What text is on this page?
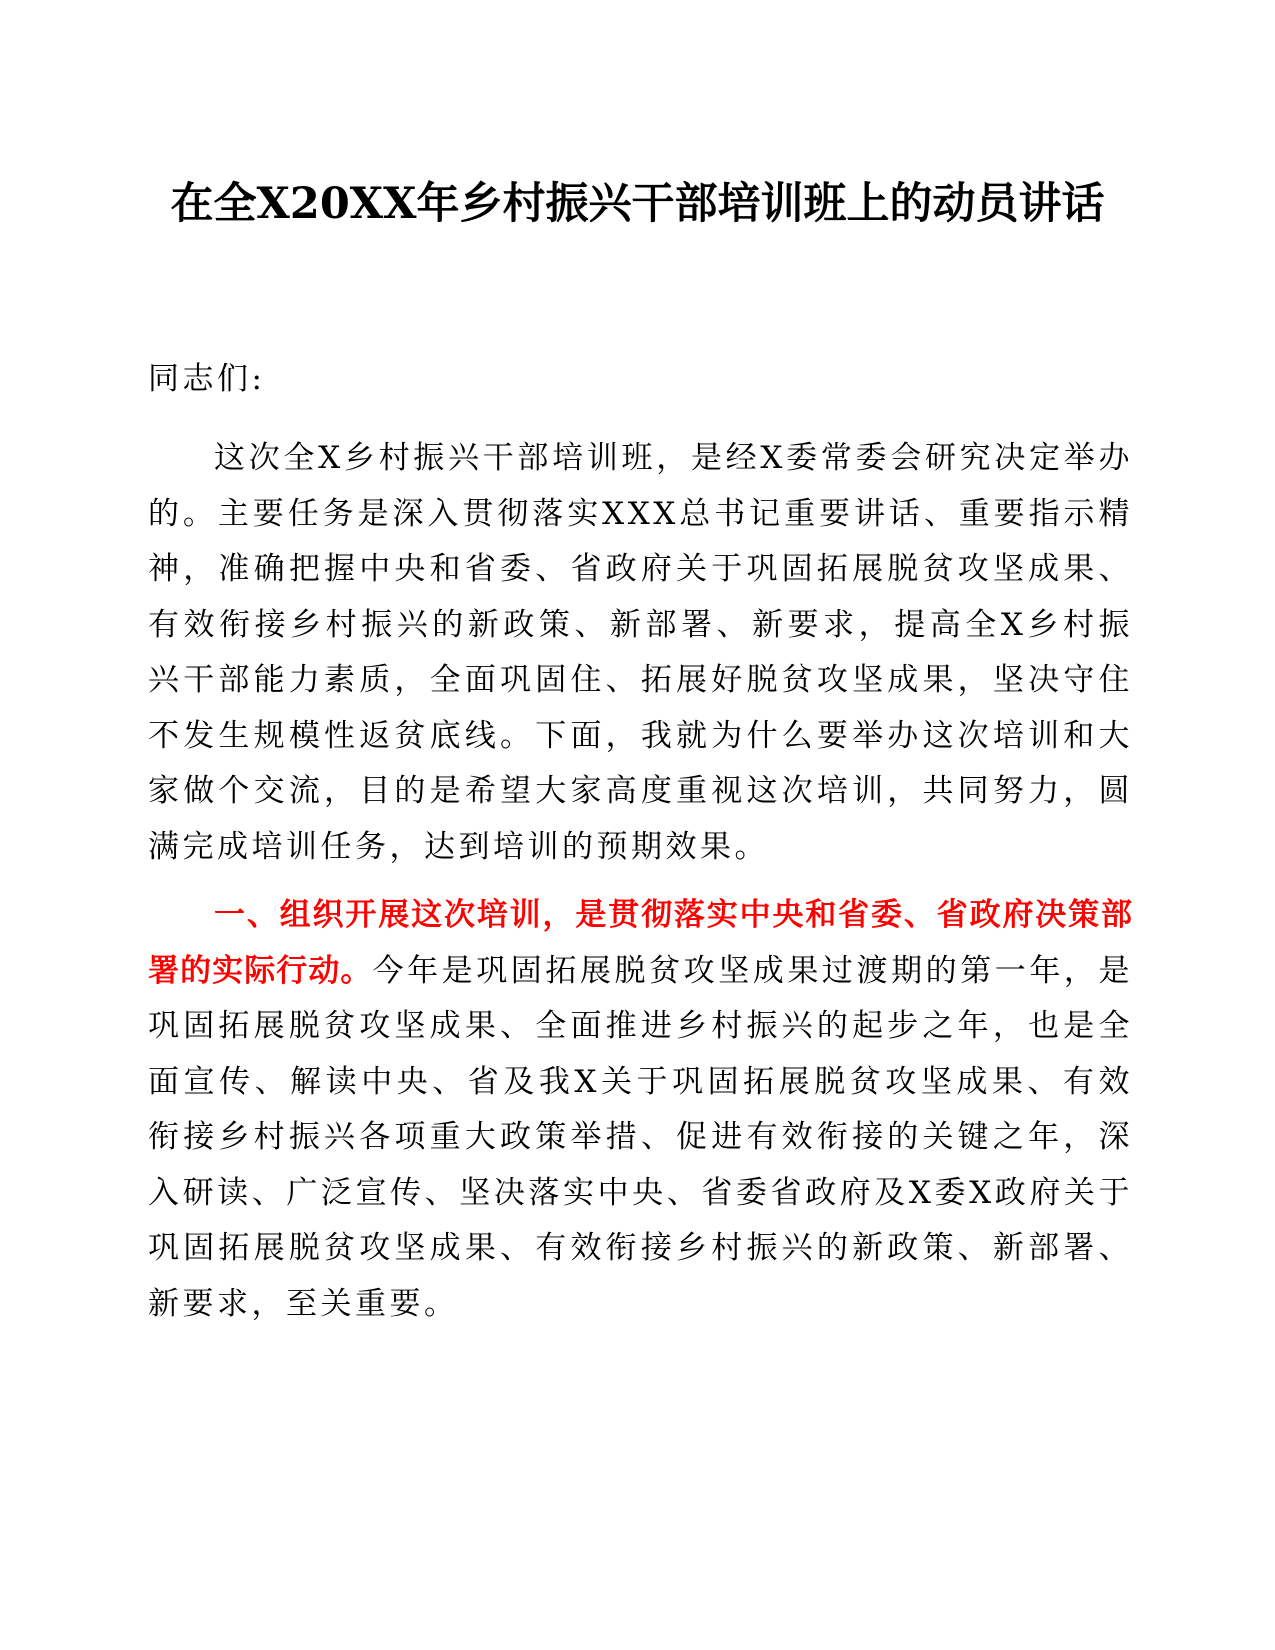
在全X20XX年乡村振兴干部培训班上的动员讲话

同志们:

这次全X乡村振兴干部培训班，是经X委常委会研究决定举办的。主要任务是深入贯彻落实XXX总书记重要讲话、重要指示精神，准确把握中央和省委、省政府关于巩固拓展脱贫攻坚成果、有效衔接乡村振兴的新政策、新部署、新要求，提高全X乡村振兴干部能力素质，全面巩固住、拓展好脱贫攻坚成果，坚决守住不发生规模性返贫底线。下面，我就为什么要举办这次培训和大家做个交流，目的是希望大家高度重视这次培训，共同努力，圆满完成培训任务，达到培训的预期效果。

一、组织开展这次培训，是贯彻落实中央和省委、省政府决策部署的实际行动。今年是巩固拓展脱贫攻坚成果过渡期的第一年，是巩固拓展脱贫攻坚成果、全面推进乡村振兴的起步之年，也是全面宣传、解读中央、省及我X关于巩固拓展脱贫攻坚成果、有效衔接乡村振兴各项重大政策举措、促进有效衔接的关键之年，深入研读、广泛宣传、坚决落实中央、省委省政府及X委X政府关于巩固拓展脱贫攻坚成果、有效衔接乡村振兴的新政策、新部署、新要求，至关重要。
